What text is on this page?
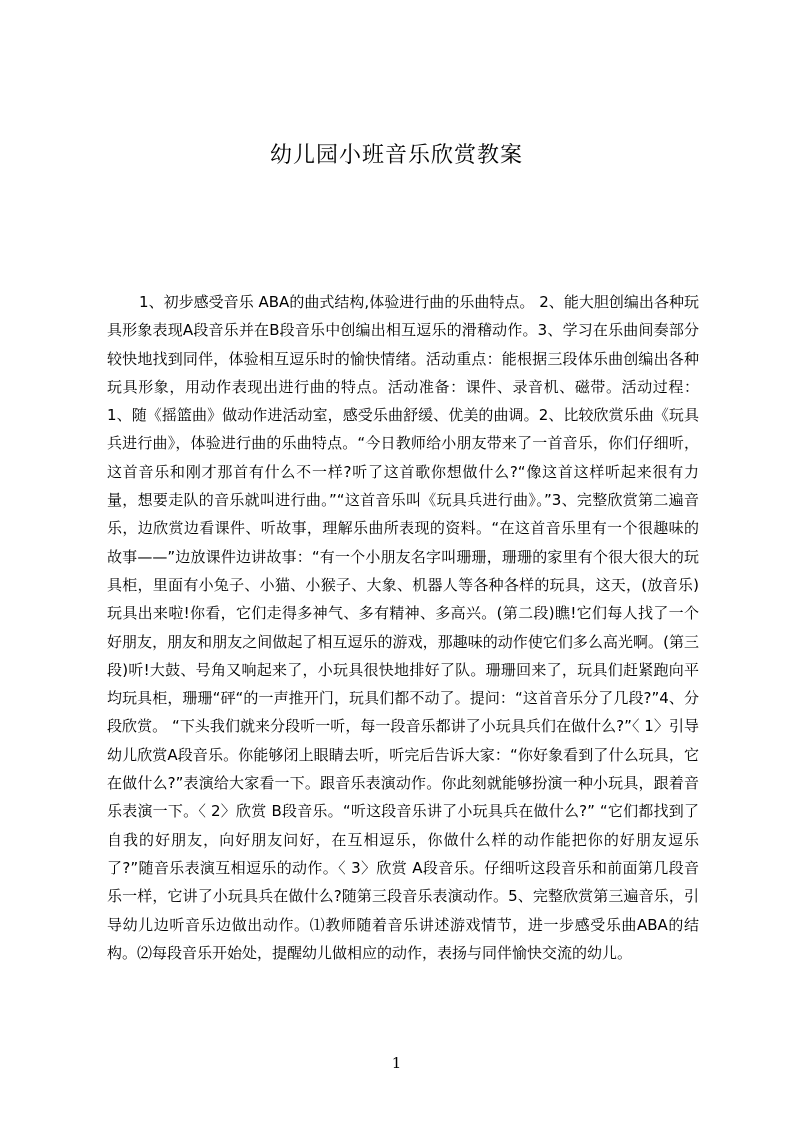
幼儿园小班音乐欣赏教案

1、初步感受音乐 ABA的曲式结构,体验进行曲的乐曲特点。 2、能大胆创编出各种玩具形象表现A段音乐并在B段音乐中创编出相互逗乐的滑稽动作。3、学习在乐曲间奏部分较快地找到同伴，体验相互逗乐时的愉快情绪。活动重点：能根据三段体乐曲创编出各种玩具形象，用动作表现出进行曲的特点。活动准备：课件、录音机、磁带。活动过程：1、随《摇篮曲》做动作进活动室，感受乐曲舒缓、优美的曲调。2、比较欣赏乐曲《玩具兵进行曲》，体验进行曲的乐曲特点。“今日教师给小朋友带来了一首音乐，你们仔细听，这首音乐和刚才那首有什么不一样?听了这首歌你想做什么?“像这首这样听起来很有力量，想要走队的音乐就叫进行曲。”“这首音乐叫《玩具兵进行曲》。”3、完整欣赏第二遍音乐，边欣赏边看课件、听故事，理解乐曲所表现的资料。“在这首音乐里有一个很趣味的故事——”边放课件边讲故事：“有一个小朋友名字叫珊珊，珊珊的家里有个很大很大的玩具柜，里面有小兔子、小猫、小猴子、大象、机器人等各种各样的玩具，这天，(放音乐)玩具出来啦!你看，它们走得多神气、多有精神、多高兴。(第二段)瞧!它们每人找了一个好朋友，朋友和朋友之间做起了相互逗乐的游戏，那趣味的动作使它们多么高光啊。(第三段)听!大鼓、号角又响起来了，小玩具很快地排好了队。珊珊回来了，玩具们赶紧跑向平均玩具柜，珊珊“砰“的一声推开门，玩具们都不动了。提问：“这首音乐分了几段?”4、分段欣赏。 “下头我们就来分段听一听，每一段音乐都讲了小玩具兵们在做什么?”〈 1〉引导幼儿欣赏A段音乐。你能够闭上眼睛去听，听完后告诉大家：“你好象看到了什么玩具，它在做什么?”表演给大家看一下。跟音乐表演动作。你此刻就能够扮演一种小玩具，跟着音乐表演一下。〈 2〉欣赏 B段音乐。“听这段音乐讲了小玩具兵在做什么?” “它们都找到了自我的好朋友，向好朋友问好，在互相逗乐，你做什么样的动作能把你的好朋友逗乐了?”随音乐表演互相逗乐的动作。〈 3〉欣赏 A段音乐。仔细听这段音乐和前面第几段音乐一样，它讲了小玩具兵在做什么?随第三段音乐表演动作。5、完整欣赏第三遍音乐，引导幼儿边听音乐边做出动作。⑴教师随着音乐讲述游戏情节，进一步感受乐曲ABA的结构。⑵每段音乐开始处，提醒幼儿做相应的动作，表扬与同伴愉快交流的幼儿。

1
